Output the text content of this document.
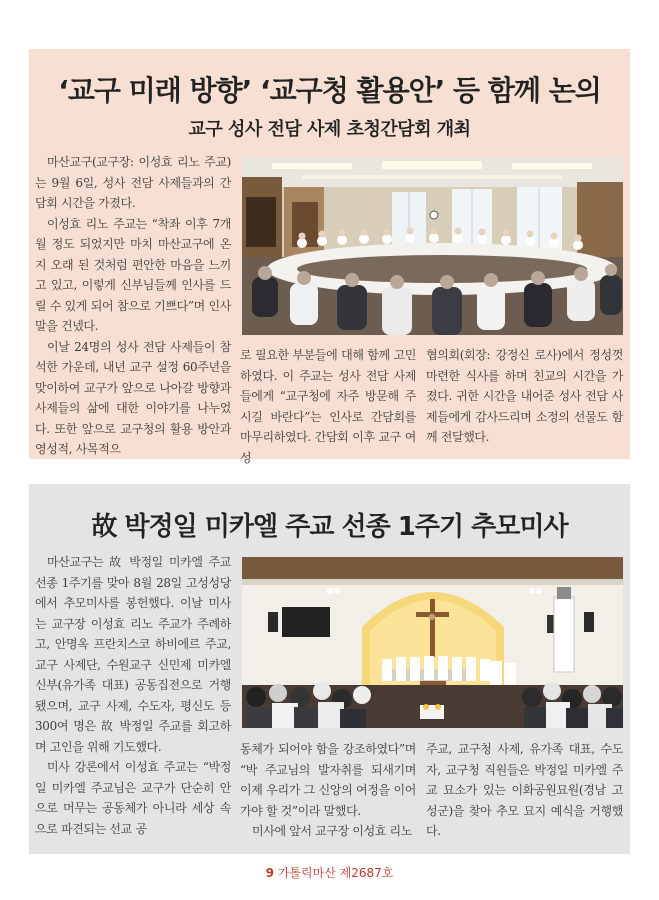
‘교구 미래 방향’ ‘교구청 활용안’ 등 함께 논의
교구 성사 전담 사제 초청간담회 개최

마산교구(교구장: 이성효 리노 주교)는 9월 6일, 성사 전담 사제들과의 간담회 시간을 가졌다.

이성효 리노 주교는 “착좌 이후 7개월 정도 되었지만 마치 마산교구에 온지 오래 된 것처럼 편안한 마음을 느끼고 있고, 이렇게 신부님들께 인사를 드릴 수 있게 되어 참으로 기쁘다”며 인사말을 건넸다.

이날 24명의 성사 전담 사제들이 참석한 가운데, 내년 교구 설정 60주년을 맞이하여 교구가 앞으로 나아갈 방향과 사제들의 삶에 대한 이야기를 나누었다. 또한 앞으로 교구청의 활용 방안과 영성적, 사목적으

로 필요한 부분들에 대해 함께 고민하였다. 이 주교는 성사 전담 사제들에게 “교구청에 자주 방문해 주시길 바란다”는 인사로 간담회를 마무리하였다. 간담회 이후 교구 여성

협의회(회장: 강정신 로사)에서 정성껏 마련한 식사를 하며 친교의 시간을 가졌다. 귀한 시간을 내어준 성사 전담 사제들에게 감사드리며 소정의 선물도 함께 전달했다.

故 박정일 미카엘 주교 선종 1주기 추모미사

마산교구는 故 박정일 미카엘 주교 선종 1주기를 맞아 8월 28일 고성성당에서 추모미사를 봉헌했다. 이날 미사는 교구장 이성효 리노 주교가 주례하고, 안명옥 프란치스코 하비에르 주교, 교구 사제단, 수원교구 신민제 미카엘 신부(유가족 대표) 공동집전으로 거행됐으며, 교구 사제, 수도자, 평신도 등 300여 명은 故 박정일 주교를 회고하며 고인을 위해 기도했다.

미사 강론에서 이성효 주교는 “박정일 미카엘 주교님은 교구가 단순히 안으로 머무는 공동체가 아니라 세상 속으로 파견되는 선교 공

동체가 되어야 함을 강조하였다”며 “박 주교님의 발자취를 되새기며 이제 우리가 그 신앙의 여정을 이어가야 할 것”이라 말했다.

미사에 앞서 교구장 이성효 리노

주교, 교구청 사제, 유가족 대표, 수도자, 교구청 직원들은 박정일 미카엘 주교 묘소가 있는 이화공원묘원(경남 고성군)을 찾아 추모 묘지 예식을 거행했다.

9 가톨릭마산 제2687호
